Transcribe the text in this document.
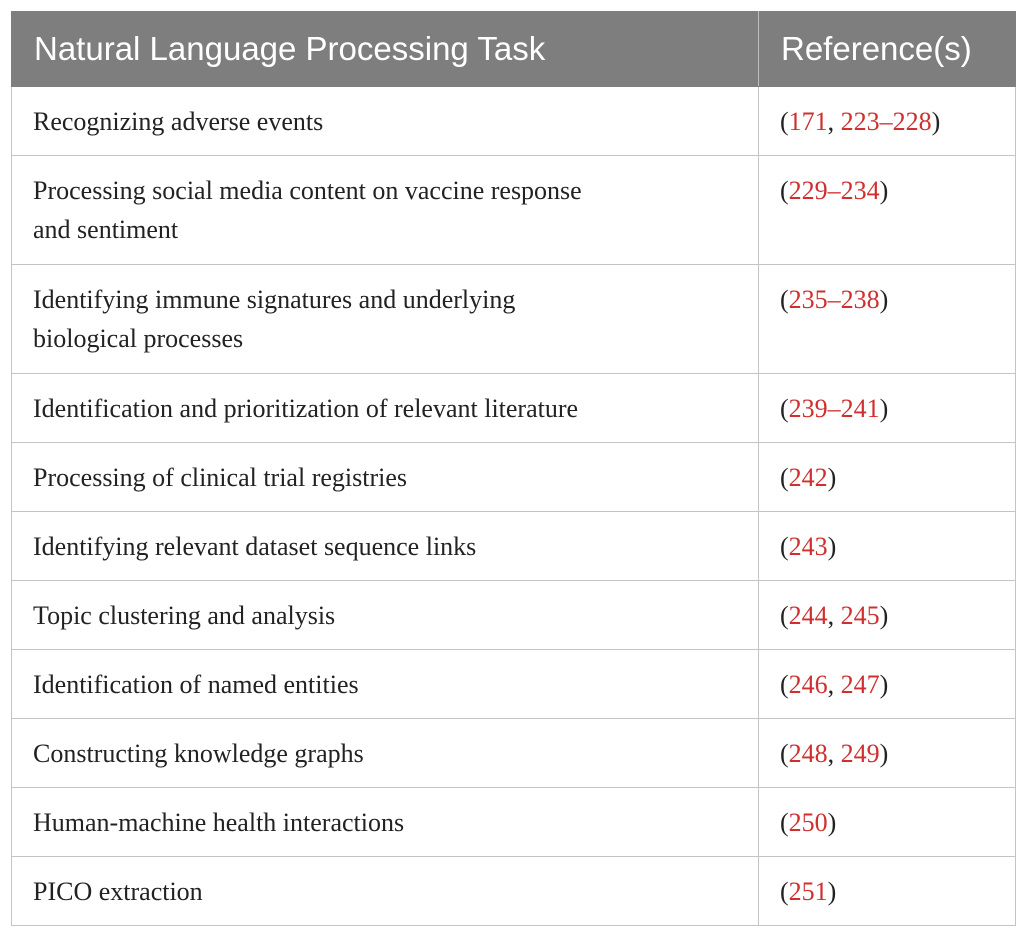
Natural Language Processing Task	Reference(s)
Recognizing adverse events	(171, 223–228)
Processing social media content on vaccine response
and sentiment	(229–234)
Identifying immune signatures and underlying
biological processes	(235–238)
Identification and prioritization of relevant literature	(239–241)
Processing of clinical trial registries	(242)
Identifying relevant dataset sequence links	(243)
Topic clustering and analysis	(244, 245)
Identification of named entities	(246, 247)
Constructing knowledge graphs	(248, 249)
Human-machine health interactions	(250)
PICO extraction	(251)
